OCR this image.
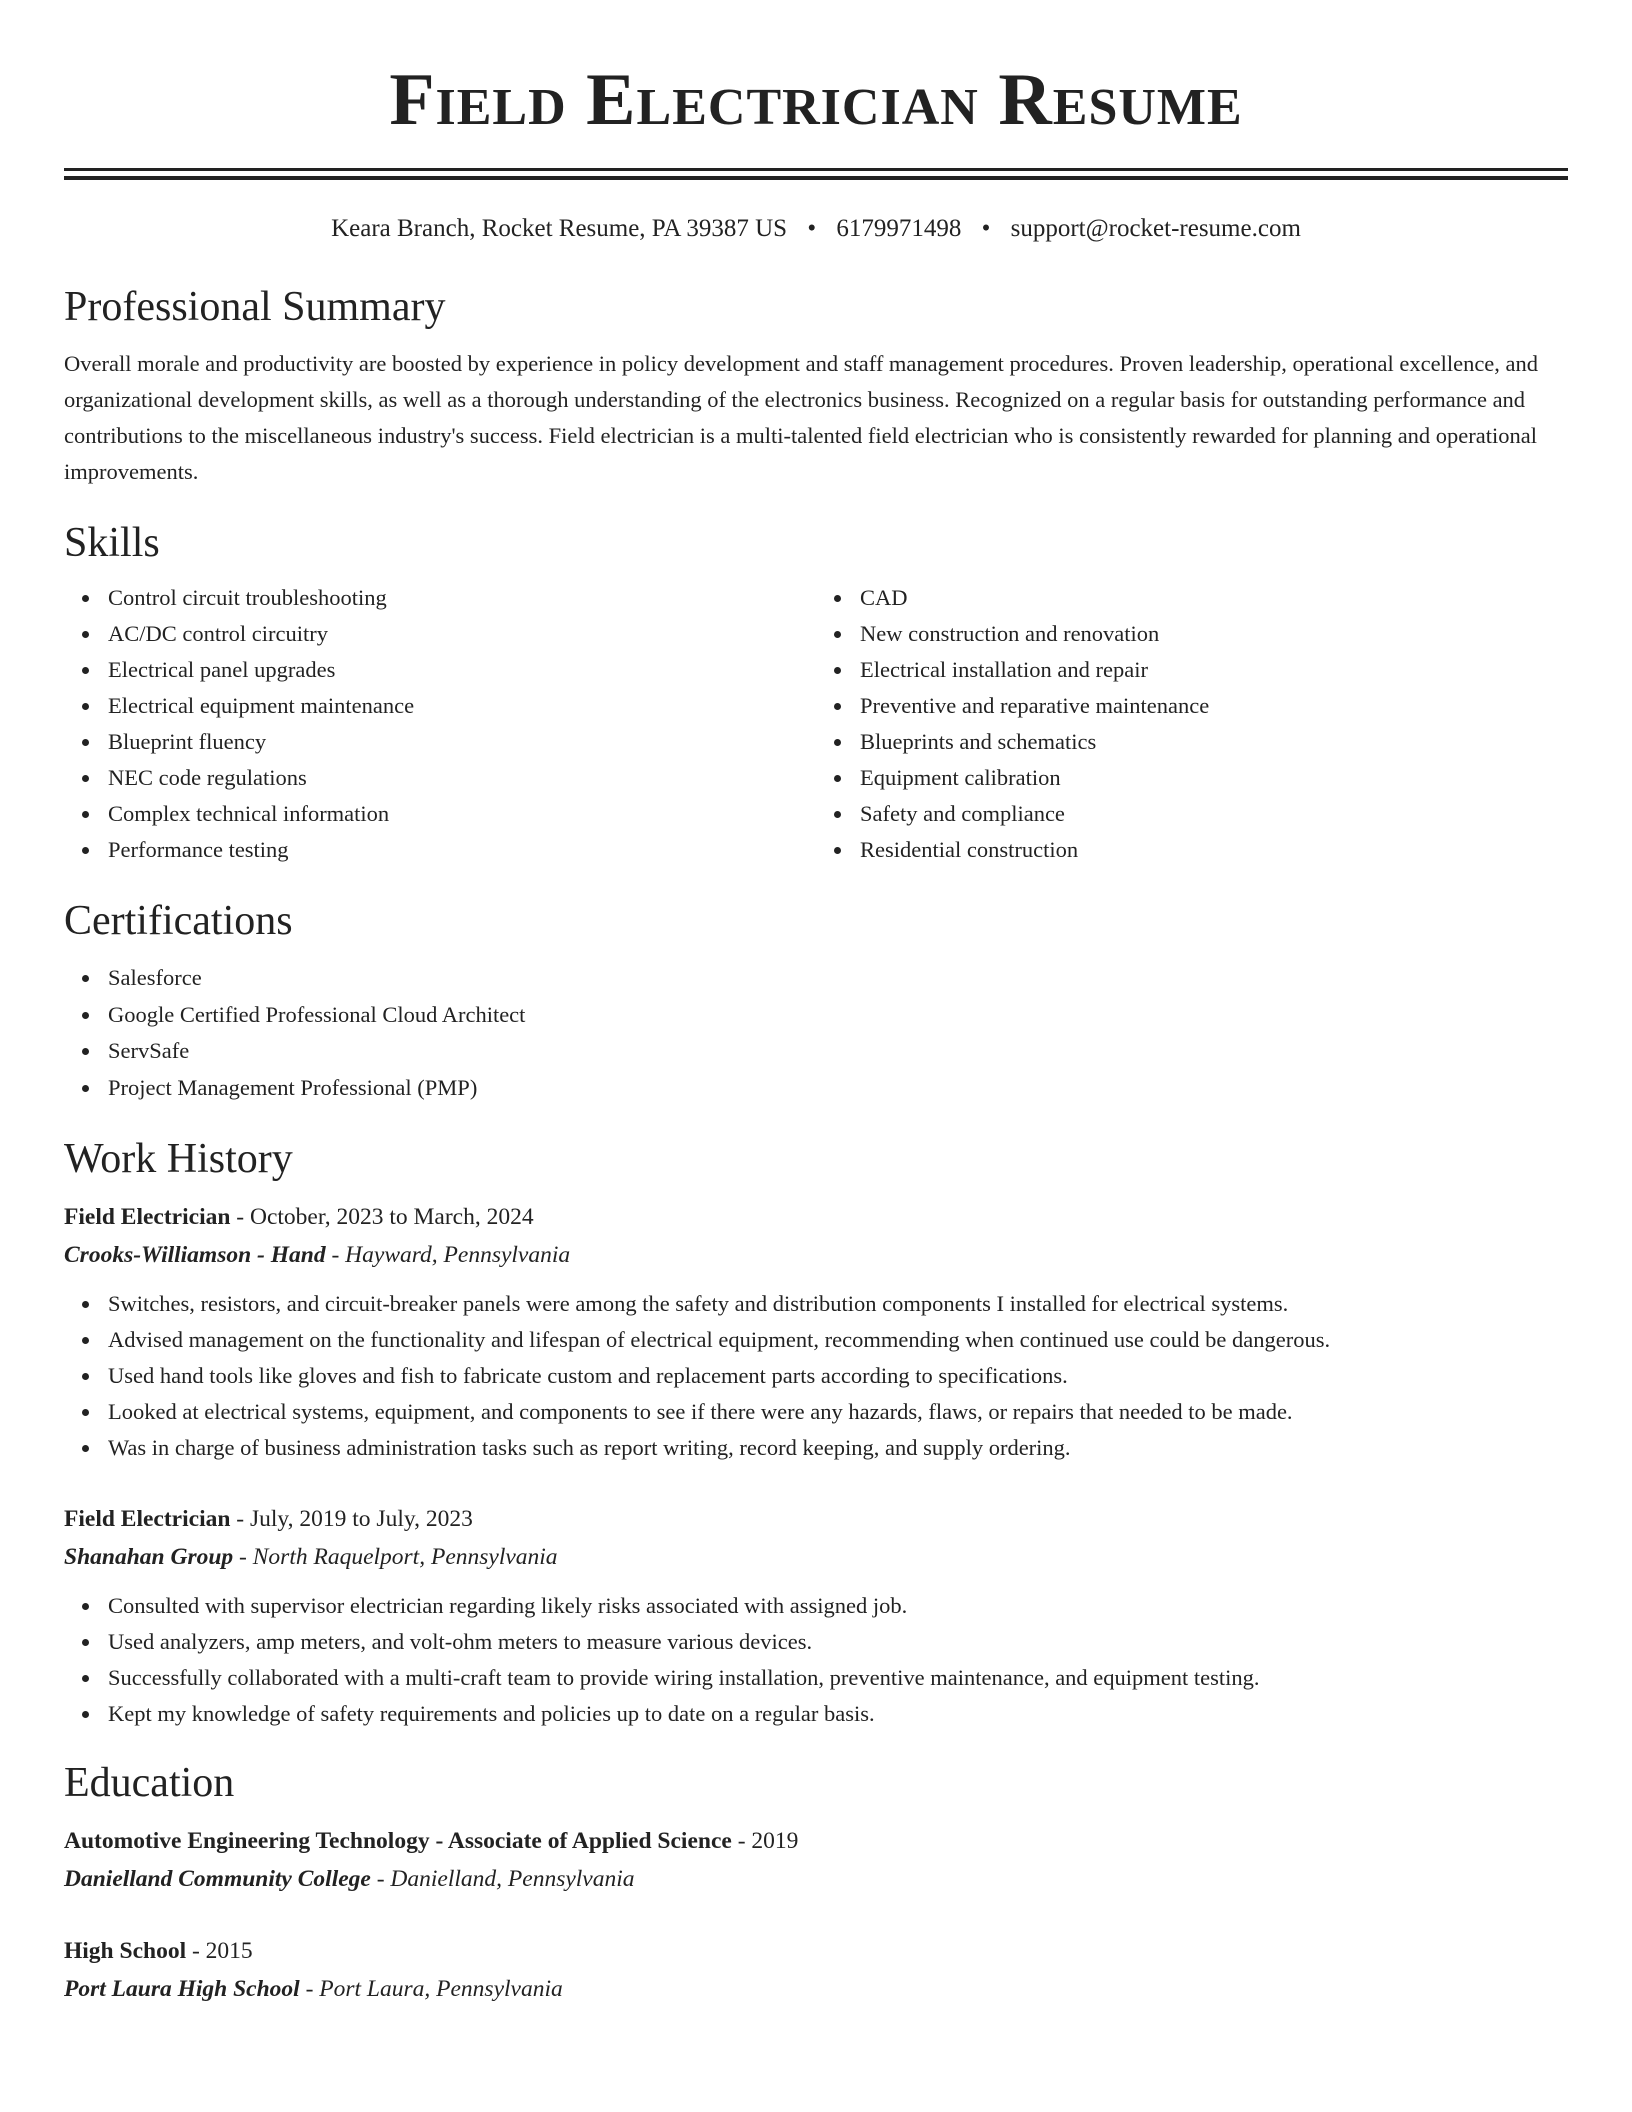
Field Electrician Resume
Keara Branch, Rocket Resume, PA 39387 US • 6179971498 • support@rocket-resume.com
Professional Summary
Overall morale and productivity are boosted by experience in policy development and staff management procedures. Proven leadership, operational excellence, and organizational development skills, as well as a thorough understanding of the electronics business. Recognized on a regular basis for outstanding performance and contributions to the miscellaneous industry's success. Field electrician is a multi-talented field electrician who is consistently rewarded for planning and operational improvements.
Skills
Control circuit troubleshooting
AC/DC control circuitry
Electrical panel upgrades
Electrical equipment maintenance
Blueprint fluency
NEC code regulations
Complex technical information
Performance testing
CAD
New construction and renovation
Electrical installation and repair
Preventive and reparative maintenance
Blueprints and schematics
Equipment calibration
Safety and compliance
Residential construction
Certifications
Salesforce
Google Certified Professional Cloud Architect
ServSafe
Project Management Professional (PMP)
Work History
Field Electrician - October, 2023 to March, 2024
Crooks-Williamson - Hand - Hayward, Pennsylvania
Switches, resistors, and circuit-breaker panels were among the safety and distribution components I installed for electrical systems.
Advised management on the functionality and lifespan of electrical equipment, recommending when continued use could be dangerous.
Used hand tools like gloves and fish to fabricate custom and replacement parts according to specifications.
Looked at electrical systems, equipment, and components to see if there were any hazards, flaws, or repairs that needed to be made.
Was in charge of business administration tasks such as report writing, record keeping, and supply ordering.
Field Electrician - July, 2019 to July, 2023
Shanahan Group - North Raquelport, Pennsylvania
Consulted with supervisor electrician regarding likely risks associated with assigned job.
Used analyzers, amp meters, and volt-ohm meters to measure various devices.
Successfully collaborated with a multi-craft team to provide wiring installation, preventive maintenance, and equipment testing.
Kept my knowledge of safety requirements and policies up to date on a regular basis.
Education
Automotive Engineering Technology - Associate of Applied Science - 2019
Danielland Community College - Danielland, Pennsylvania
High School - 2015
Port Laura High School - Port Laura, Pennsylvania
